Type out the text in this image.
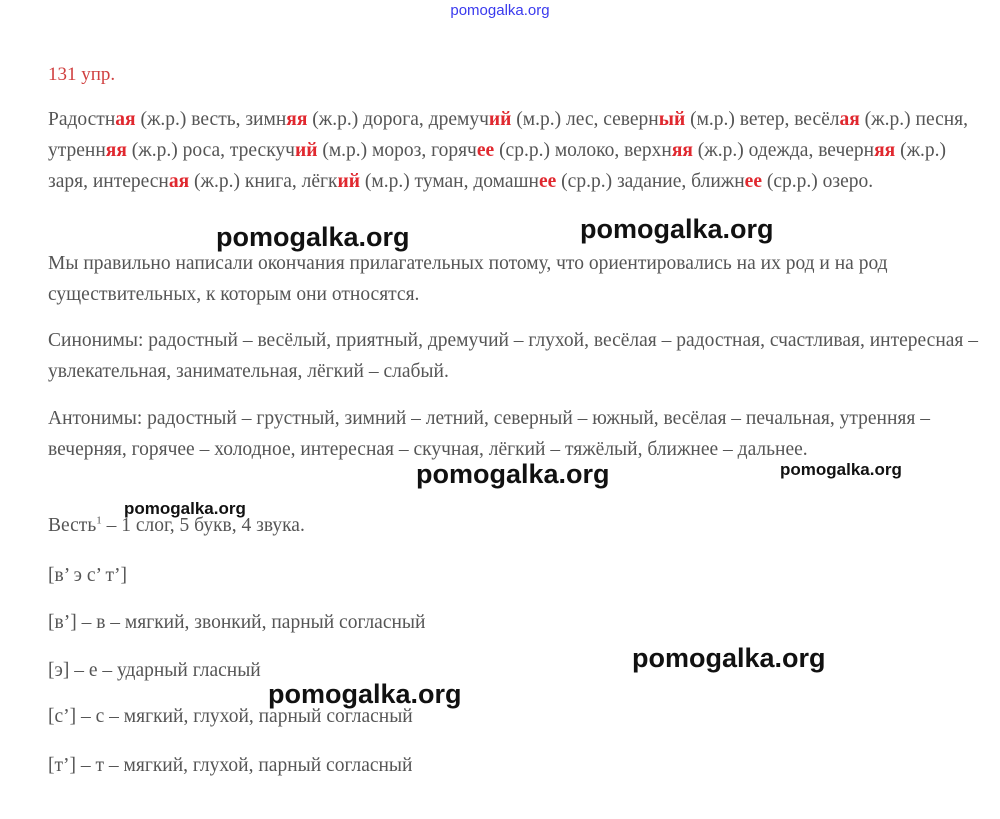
pomogalka.org
131 упр.

Радостная (ж.р.) весть, зимняя (ж.р.) дорога, дремучий (м.р.) лес, северный (м.р.) ветер, весёлая (ж.р.) песня, утренняя (ж.р.) роса, трескучий (м.р.) мороз, горячее (ср.р.) молоко, верхняя (ж.р.) одежда, вечерняя (ж.р.) заря, интересная (ж.р.) книга, лёгкий (м.р.) туман, домашнее (ср.р.) задание, ближнее (ср.р.) озеро.

Мы правильно написали окончания прилагательных потому, что ориентировались на их род и на род существительных, к которым они относятся.

Синонимы: радостный – весёлый, приятный, дремучий – глухой, весёлая – радостная, счастливая, интересная – увлекательная, занимательная, лёгкий – слабый.

Антонимы: радостный – грустный, зимний – летний, северный – южный, весёлая – печальная, утренняя – вечерняя, горячее – холодное, интересная – скучная, лёгкий – тяжёлый, ближнее – дальнее.

Весть$^1$ – 1 слог, 5 букв, 4 звука.
[в’ э с’ т’]
[в’] – в – мягкий, звонкий, парный согласный
[э] – е – ударный гласный
[с’] – с – мягкий, глухой, парный согласный
[т’] – т – мягкий, глухой, парный согласный
pomogalka.org	pomogalka.org
pomogalka.org	pomogalka.org
pomogalka.org
pomogalka.org
pomogalka.org
